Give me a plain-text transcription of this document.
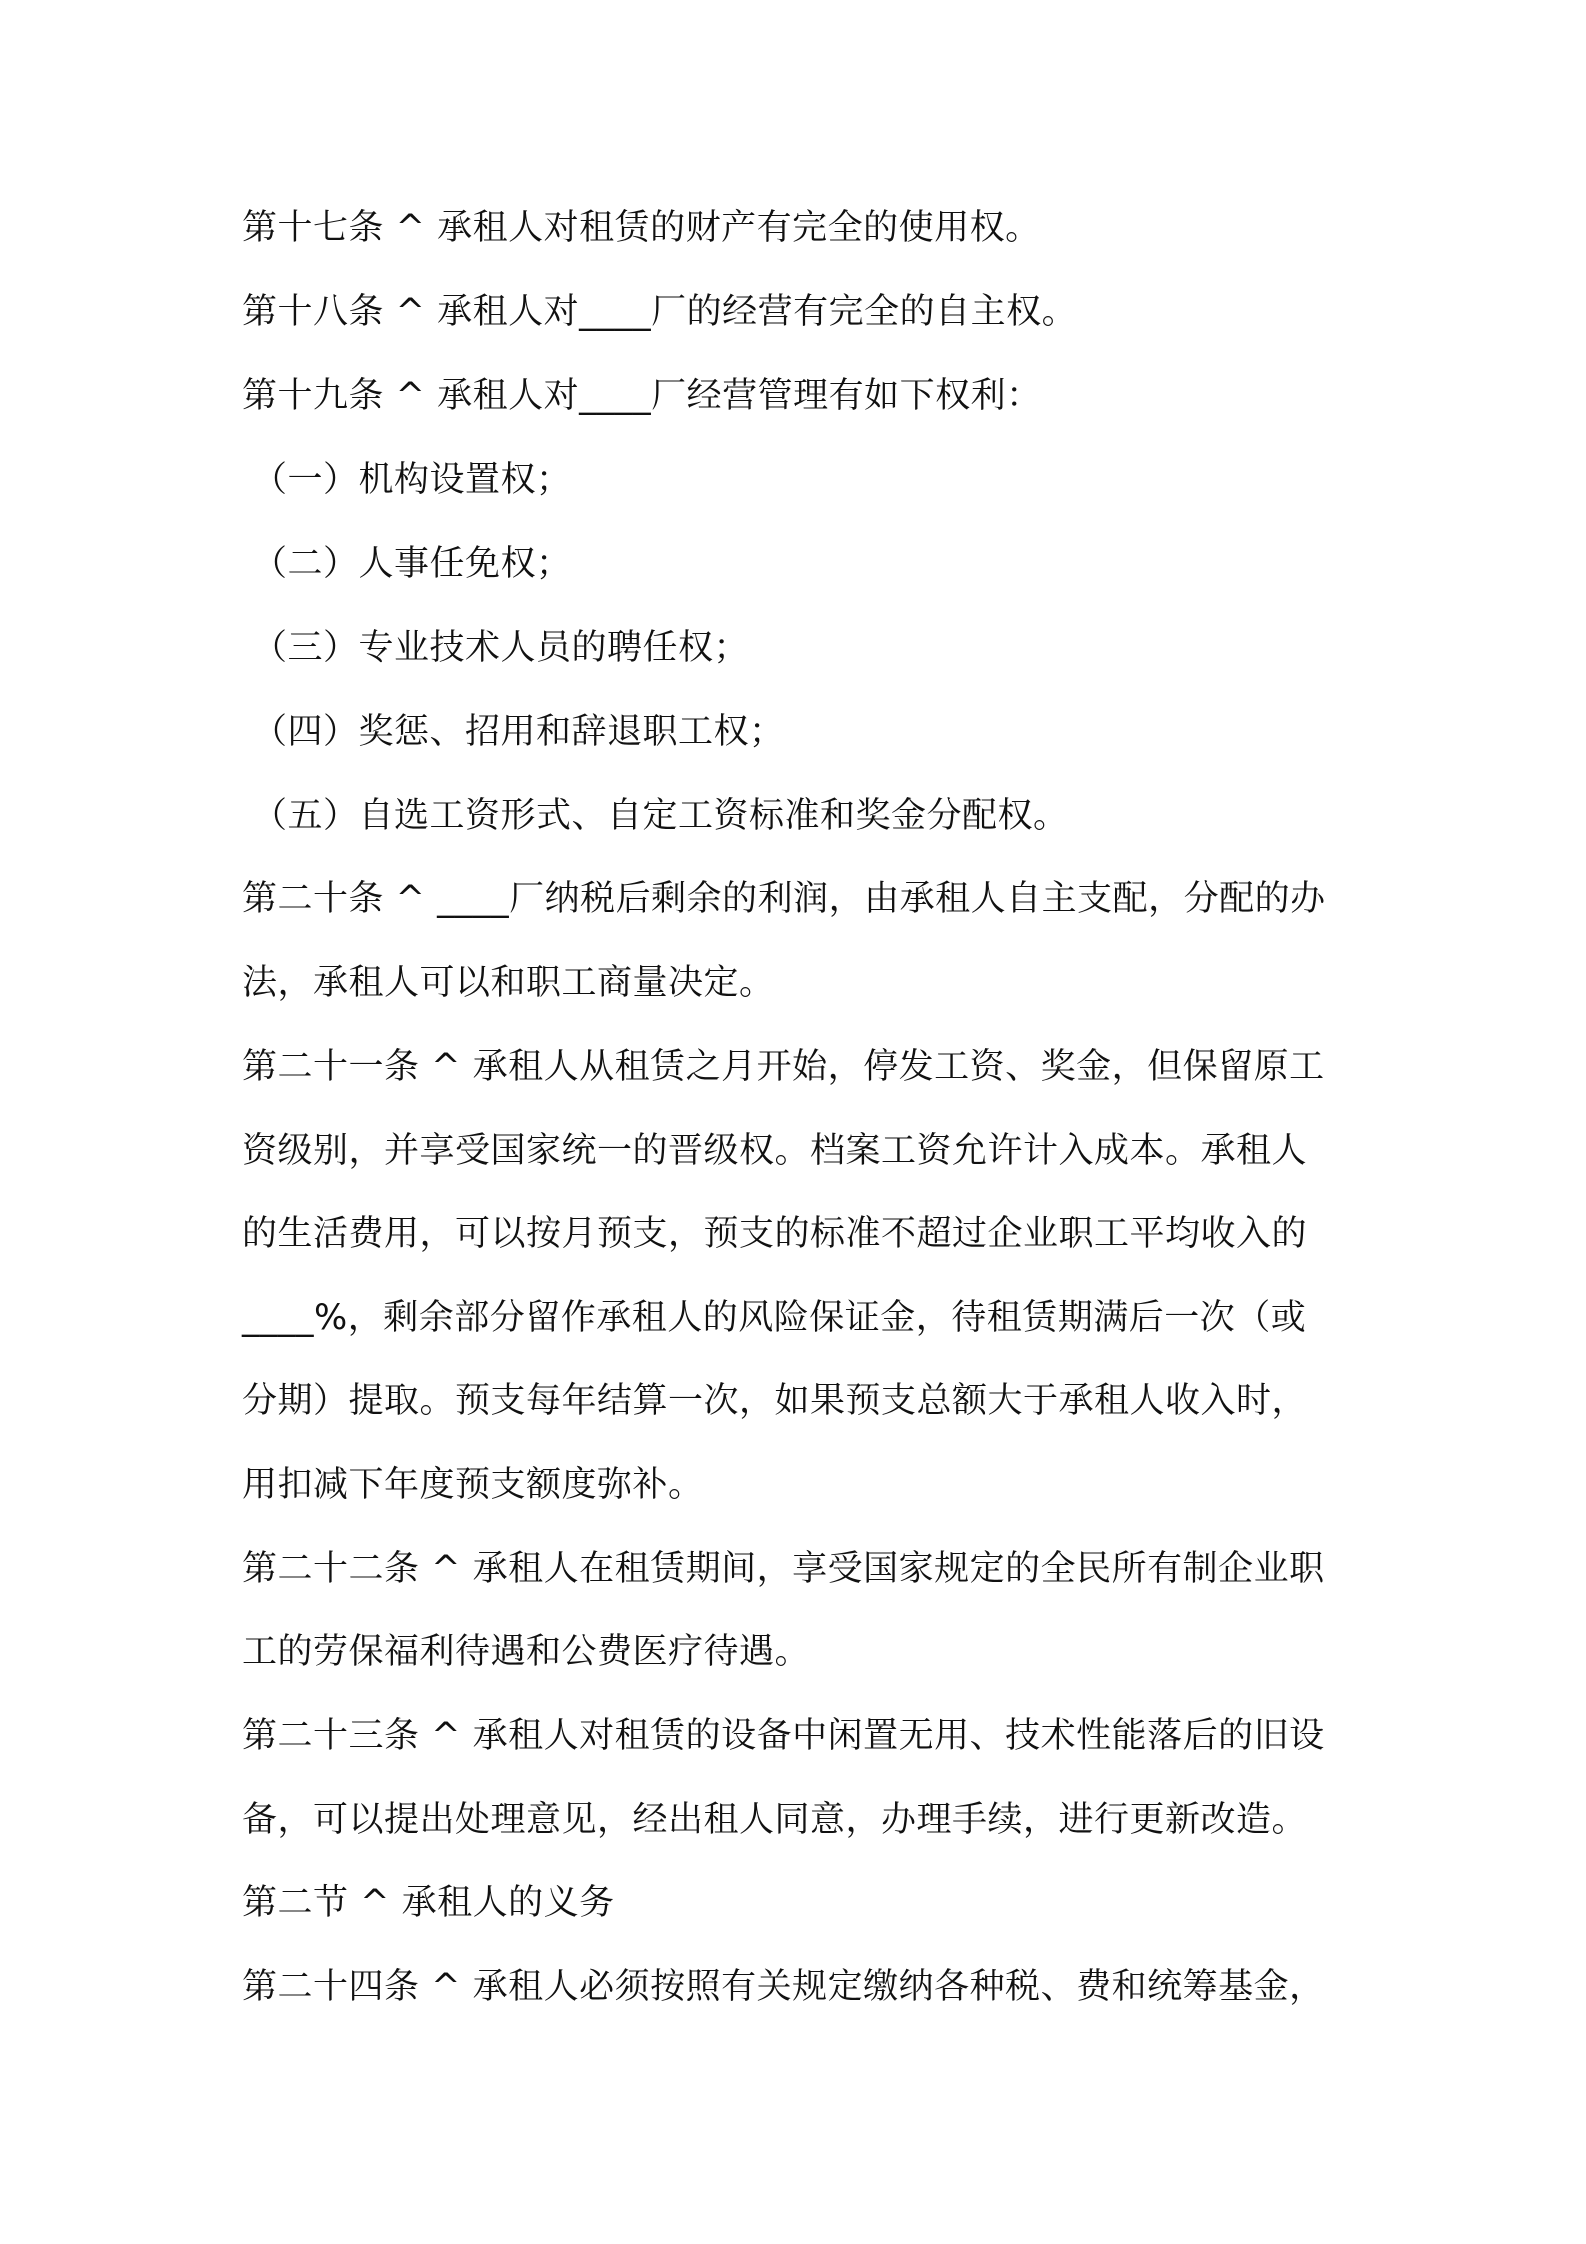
第十七条 ^ 承租人对租赁的财产有完全的使用权。
第十八条 ^ 承租人对____厂的经营有完全的自主权。
第十九条 ^ 承租人对____厂经营管理有如下权利：
（一）机构设置权；
（二）人事任免权；
（三）专业技术人员的聘任权；
（四）奖惩、招用和辞退职工权；
（五）自选工资形式、自定工资标准和奖金分配权。
第二十条 ^ ____厂纳税后剩余的利润，由承租人自主支配，分配的办
法，承租人可以和职工商量决定。
第二十一条 ^ 承租人从租赁之月开始，停发工资、奖金，但保留原工
资级别，并享受国家统一的晋级权。档案工资允许计入成本。承租人
的生活费用，可以按月预支，预支的标准不超过企业职工平均收入的
____%，剩余部分留作承租人的风险保证金，待租赁期满后一次（或
分期）提取。预支每年结算一次，如果预支总额大于承租人收入时，
用扣减下年度预支额度弥补。
第二十二条 ^ 承租人在租赁期间，享受国家规定的全民所有制企业职
工的劳保福利待遇和公费医疗待遇。
第二十三条 ^ 承租人对租赁的设备中闲置无用、技术性能落后的旧设
备，可以提出处理意见，经出租人同意，办理手续，进行更新改造。
第二节 ^ 承租人的义务
第二十四条 ^ 承租人必须按照有关规定缴纳各种税、费和统筹基金，
